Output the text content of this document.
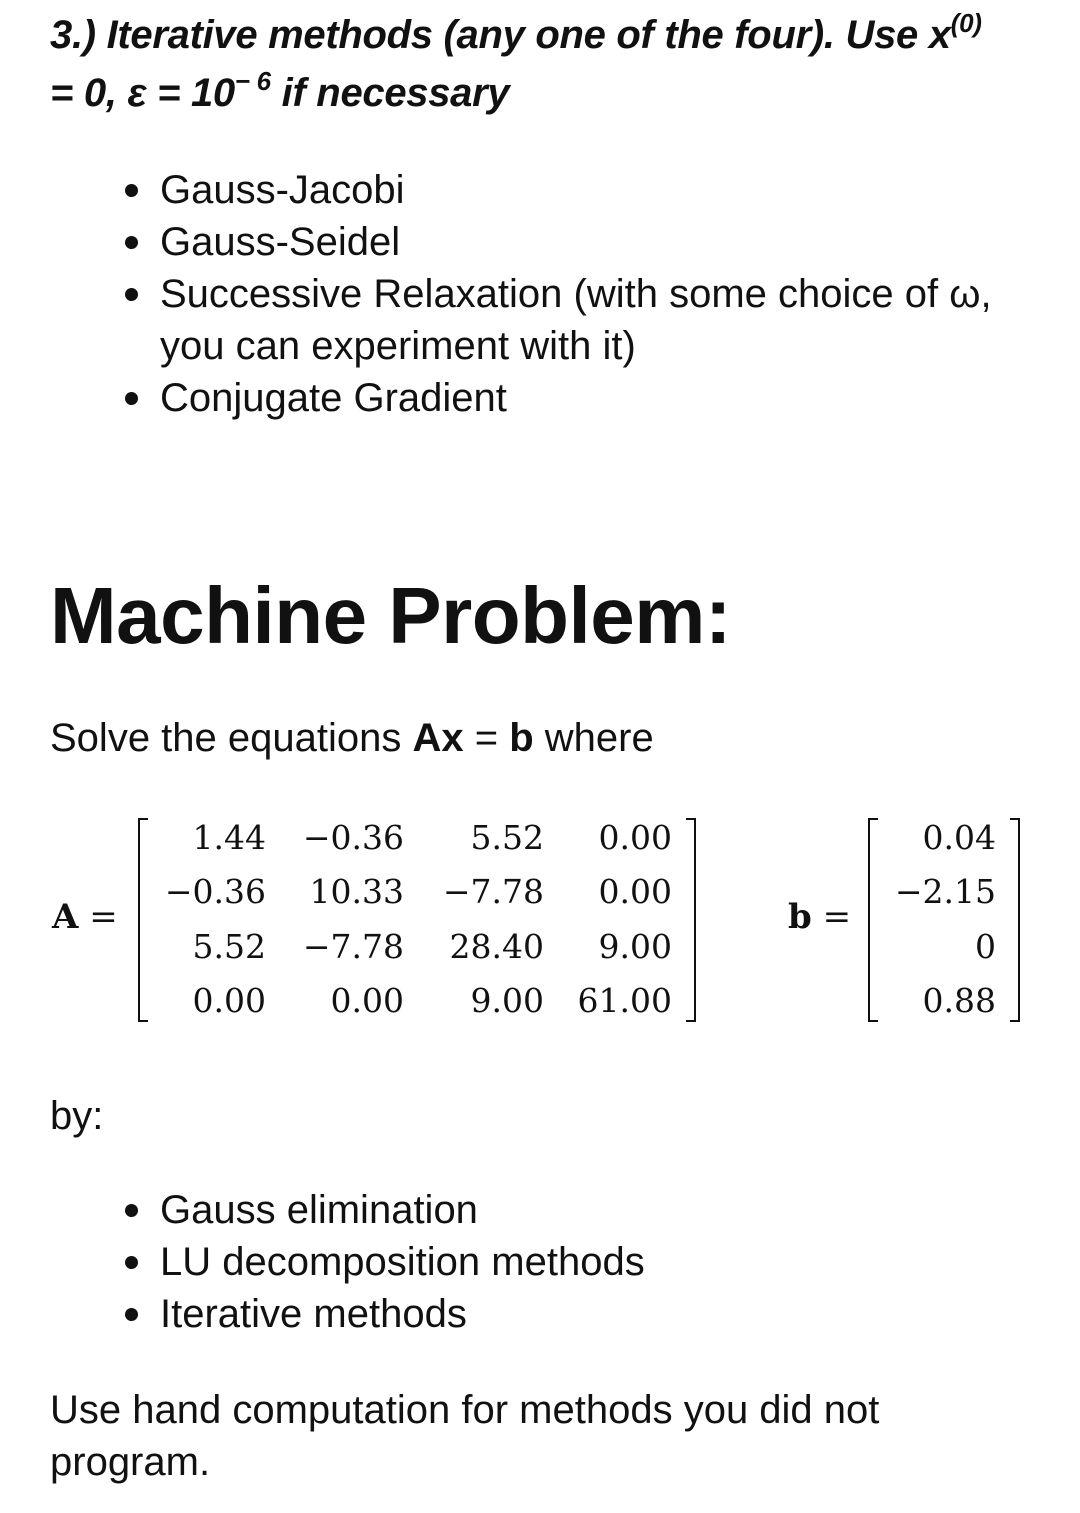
3.) Iterative methods (any one of the four). Use $x^{(0)}$
= 0, $\varepsilon = 10^{- 6}$ if necessary
Gauss-Jacobi
Gauss-Seidel
Successive Relaxation (with some choice of ω, you can experiment with it)
Conjugate Gradient
Machine Problem:
Solve the equations Ax = b where
A =
1.44	−0.36	5.52	0.00
−0.36	10.33	−7.78	0.00
5.52	−7.78	28.40	9.00
0.00	0.00	9.00	61.00
b =
0.04
−2.15
0
0.88
by:
Gauss elimination
LU decomposition methods
Iterative methods
Use hand computation for methods you did not program.
